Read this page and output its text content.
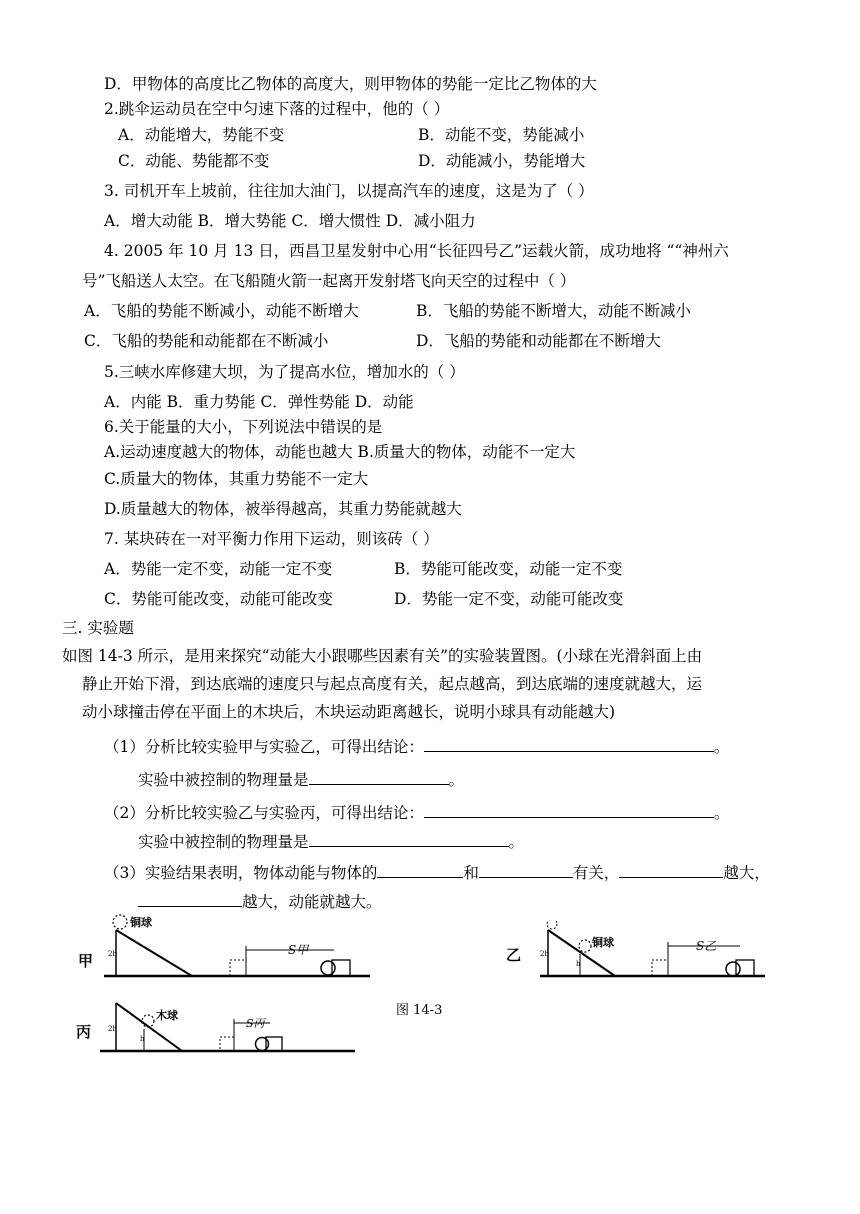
D．甲物体的高度比乙物体的高度大，则甲物体的势能一定比乙物体的大
2.跳伞运动员在空中匀速下落的过程中，他的（ ）
A．动能增大，势能不变	B．动能不变，势能减小
C．动能、势能都不变	D．动能减小，势能增大
3. 司机开车上坡前，往往加大油门，以提高汽车的速度，这是为了（ ）
A．增大动能 B．增大势能 C．增大惯性 D．减小阻力
4. 2005 年 10 月 13 日，西昌卫星发射中心用“长征四号乙”运载火箭，成功地将 ““神州六
号”飞船送人太空。在飞船随火箭一起离开发射塔飞向天空的过程中（ ）
A．飞船的势能不断减小，动能不断增大	B．飞船的势能不断增大，动能不断减小
C．飞船的势能和动能都在不断减小	D．飞船的势能和动能都在不断增大
5.三峡水库修建大坝，为了提高水位，增加水的（ ）
A．内能 B．重力势能 C．弹性势能 D．动能
6.关于能量的大小，下列说法中错误的是
A.运动速度越大的物体，动能也越大 B.质量大的物体，动能不一定大
C.质量大的物体，其重力势能不一定大
D.质量越大的物体，被举得越高，其重力势能就越大
7. 某块砖在一对平衡力作用下运动，则该砖（ ）
A．势能一定不变，动能一定不变	B．势能可能改变，动能一定不变
C．势能可能改变，动能可能改变	D．势能一定不变，动能可能改变
三. 实验题
如图 14-3 所示，是用来探究“动能大小跟哪些因素有关”的实验装置图。(小球在光滑斜面上由
静止开始下滑，到达底端的速度只与起点高度有关，起点越高，到达底端的速度就越大，运
动小球撞击停在平面上的木块后，木块运动距离越长，说明小球具有动能越大)
（1）分析比较实验甲与实验乙，可得出结论：	。
实验中被控制的物理量是	。
（2）分析比较实验乙与实验丙，可得出结论：	。
实验中被控制的物理量是	。
（3）实验结果表明，物体动能与物体的	和	有关，	越大，
越大，动能就越大。
甲
铜球
2h	S甲	乙
铜球
2h
h
S乙
图 14-3
丙
木球
2h
h
S丙
